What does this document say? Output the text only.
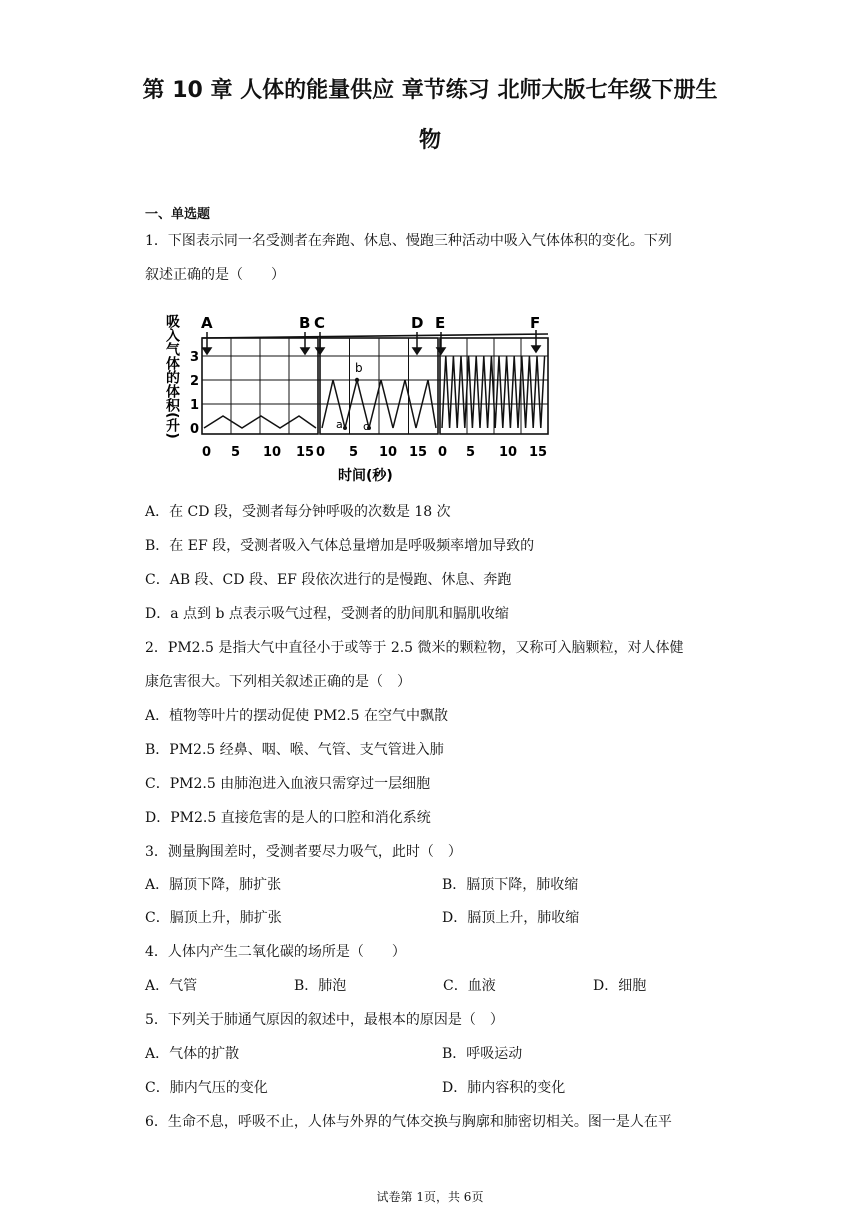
第 10 章 人体的能量供应 章节练习 北师大版七年级下册生
物
一、单选题
1．下图表示同一名受测者在奔跑、休息、慢跑三种活动中吸入气体体积的变化。下列
叙述正确的是（　　）
吸入气体的体积(升) 0
1
2
3
A	B C	D E	F
a
b
c
0 5 10 15 0 5 10 15 0 5 10 15
时间(秒)
A．在 CD 段，受测者每分钟呼吸的次数是 18 次
B．在 EF 段，受测者吸入气体总量增加是呼吸频率增加导致的
C．AB 段、CD 段、EF 段依次进行的是慢跑、休息、奔跑
D．a 点到 b 点表示吸气过程，受测者的肋间肌和膈肌收缩
2．PM2.5 是指大气中直径小于或等于 2.5 微米的颗粒物，又称可入脑颗粒，对人体健
康危害很大。下列相关叙述正确的是（　）
A．植物等叶片的摆动促使 PM2.5 在空气中飘散
B．PM2.5 经鼻、咽、喉、气管、支气管进入肺
C．PM2.5 由肺泡进入血液只需穿过一层细胞
D．PM2.5 直接危害的是人的口腔和消化系统
3．测量胸围差时，受测者要尽力吸气，此时（　）
A．膈顶下降，肺扩张	B．膈顶下降，肺收缩
C．膈顶上升，肺扩张	D．膈顶上升，肺收缩
4．人体内产生二氧化碳的场所是（　　）
A．气管	B．肺泡	C．血液	D．细胞
5．下列关于肺通气原因的叙述中，最根本的原因是（　）
A．气体的扩散	B．呼吸运动
C．肺内气压的变化	D．肺内容积的变化
6．生命不息，呼吸不止，人体与外界的气体交换与胸廓和肺密切相关。图一是人在平
试卷第 1页，共 6页
